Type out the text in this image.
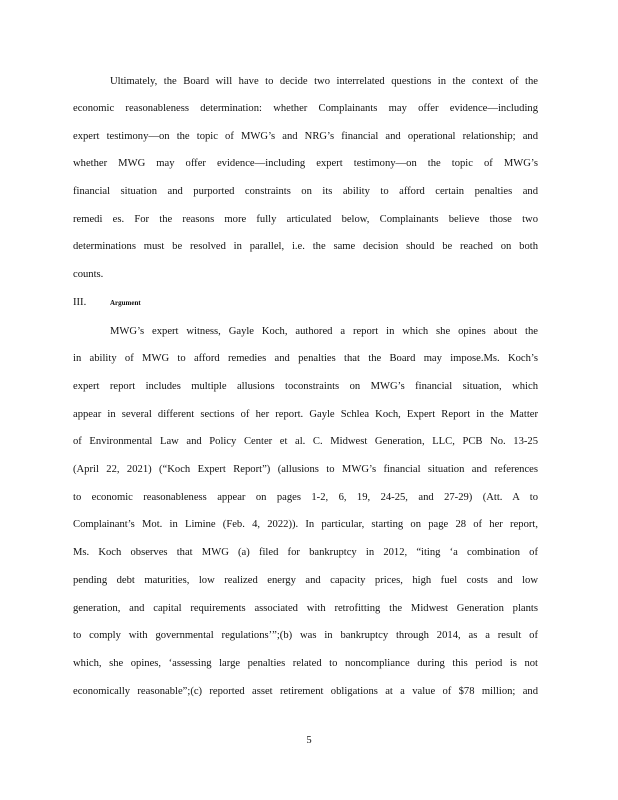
Ultimately, the Board will have to decide two interrelated questions in the context of the
economic reasonableness determination: whether Complainants may offer evidence—including
expert testimony—on the topic of MWG’s and NRG’s financial and operational relationship; and
whether MWG may offer evidence—including expert testimony—on the topic of MWG’s
financial situation and purported constraints on its ability to afford certain penalties and
remedi es. For the reasons more fully articulated below, Complainants believe those two
determinations must be resolved in parallel, i.e. the same decision should be reached on both
counts.
III.	Argument
MWG’s expert witness, Gayle Koch, authored a report in which she opines about the
in ability of MWG to afford remedies and penalties that the Board may impose.Ms. Koch’s
expert report includes multiple allusions toconstraints on MWG’s financial situation, which
appear in several different sections of her report. Gayle Schlea Koch, Expert Report in the Matter
of Environmental Law and Policy Center et al. C. Midwest Generation, LLC, PCB No. 13-25
(April 22, 2021) (“Koch Expert Report”) (allusions to MWG’s financial situation and references
to economic reasonableness appear on pages 1-2, 6, 19, 24-25, and 27-29) (Att. A to
Complainant’s Mot. in Limine (Feb. 4, 2022)). In particular, starting on page 28 of her report,
Ms. Koch observes that MWG (a) filed for bankruptcy in 2012, “iting ‘a combination of
pending debt maturities, low realized energy and capacity prices, high fuel costs and low
generation, and capital requirements associated with retrofitting the Midwest Generation plants
to comply with governmental regulations’”;(b) was in bankruptcy through 2014, as a result of
which, she opines, ‘assessing large penalties related to noncompliance during this period is not
economically reasonable”;(c) reported asset retirement obligations at a value of $78 million; and
5
